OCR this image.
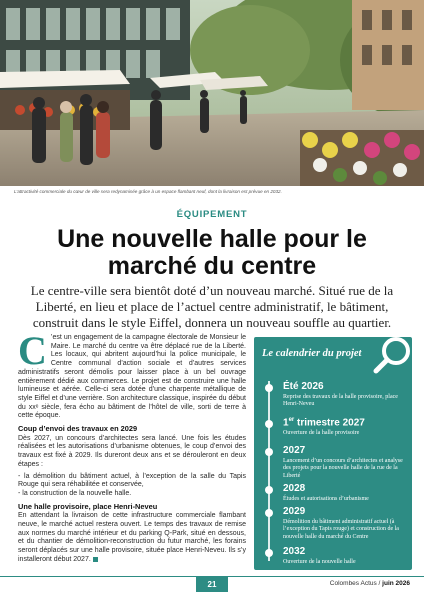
L’attractivité commerciale du cœur de ville sera redynamisée grâce à un espace flambant neuf, dont la livraison est prévue en 2032.
ÉQUIPEMENT
Une nouvelle halle pour le marché du centre

Le centre-ville sera bientôt doté d’un nouveau marché. Situé rue de la Liberté, en lieu et place de l’actuel centre administratif, le bâtiment, construit dans le style Eiffel, donnera un nouveau souffle au quartier.

C ’est un engagement de la campagne électorale de Monsieur le Maire. Le marché du centre va être déplacé rue de la Liberté. Les locaux, qui abritent aujourd’hui la police municipale, le Centre communal d’action sociale et d’autres services administratifs seront démolis pour laisser place à un bel ouvrage entièrement dédié aux commerces. Le projet est de construire une halle lumineuse et aérée. Celle-ci sera dotée d’une charpente métallique de style Eiffel et d’une verrière. Son architecture classique, inspirée du début du xxᵉ siècle, fera écho au bâtiment de l’hôtel de ville, sorti de terre à cette époque.

Coup d’envoi des travaux en 2029

Dès 2027, un concours d’architectes sera lancé. Une fois les études réalisées et les autorisations d’urbanisme obtenues, le coup d’envoi des travaux est fixé à 2029. Ils dureront deux ans et se dérouleront en deux étapes :

- la démolition du bâtiment actuel, à l’exception de la salle du Tapis Rouge qui sera réhabilitée et conservée,

- la construction de la nouvelle halle.

Une halle provisoire, place Henri-Neveu

En attendant la livraison de cette infrastructure commerciale flambant neuve, le marché actuel restera ouvert. Le temps des travaux de remise aux normes du marché intérieur et du parking Q-Park, situé en dessous, et du chantier de démolition-reconstruction du futur marché, les forains seront déplacés sur une halle provisoire, située place Henri-Neveu. Ils s’y installeront début 2027.

Le calendrier du projet
Été 2026
Reprise des travaux de la halle provisoire, place Henri-Neveu
1er trimestre 2027
Ouverture de la halle provisoire
2027
Lancement d’un concours d’architectes et analyse des projets pour la nouvelle halle de la rue de la Liberté
2028
Études et autorisations d’urbanisme
2029
Démolition du bâtiment administratif actuel (à l’exception du Tapis rouge) et construction de la nouvelle halle du marché du Centre
2032
Ouverture de la nouvelle halle
21	Colombes Actus / juin 2026
